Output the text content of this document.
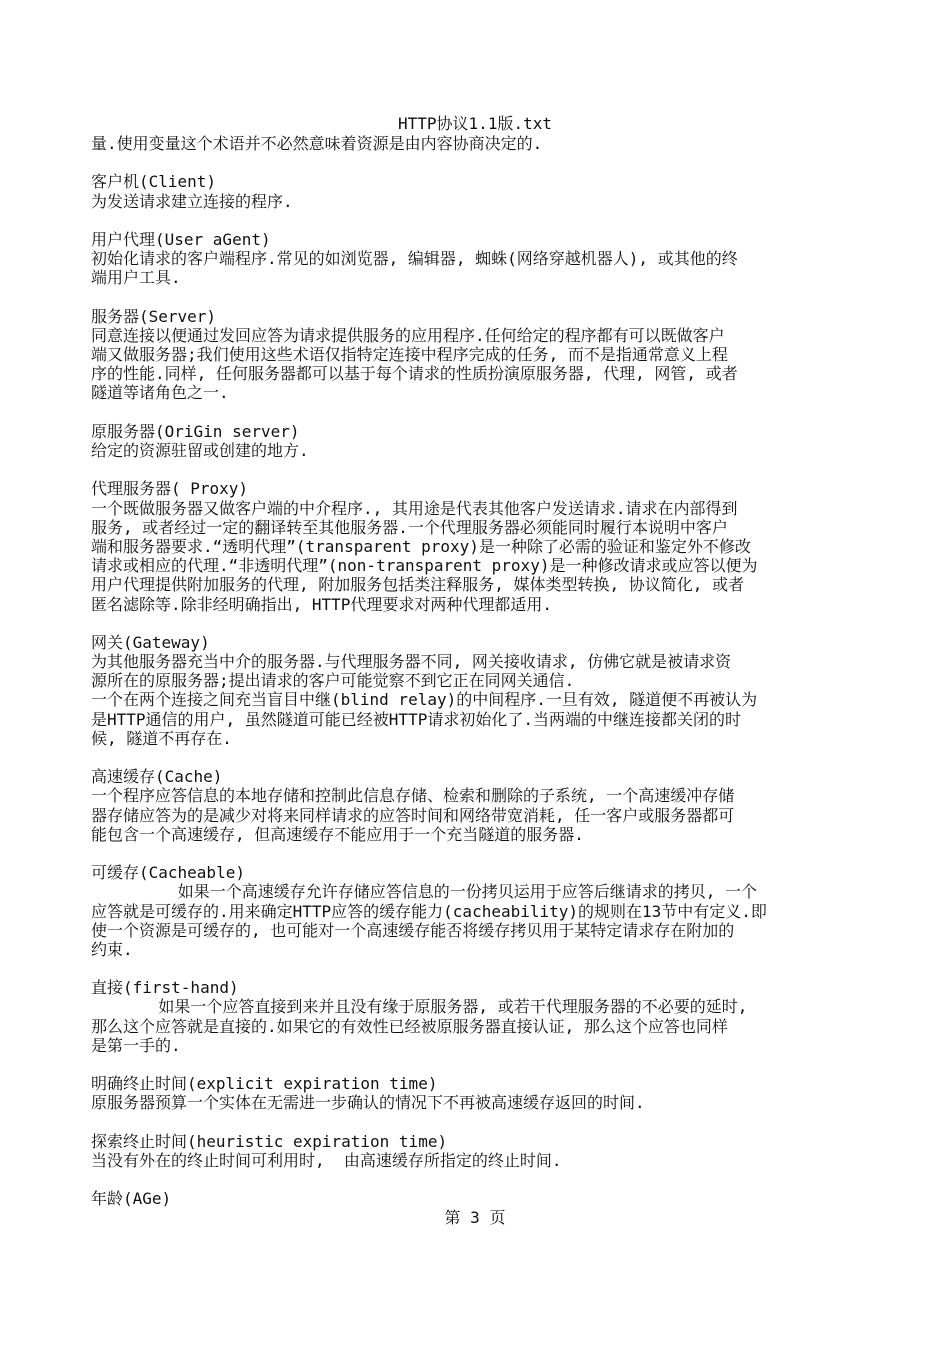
HTTP协议1.1版.txt
量.使用变量这个术语并不必然意味着资源是由内容协商决定的.
客户机(Client)
为发送请求建立连接的程序.
用户代理(User aGent)
初始化请求的客户端程序.常见的如浏览器, 编辑器, 蜘蛛(网络穿越机器人), 或其他的终
端用户工具.
服务器(Server)
同意连接以便通过发回应答为请求提供服务的应用程序.任何给定的程序都有可以既做客户
端又做服务器;我们使用这些术语仅指特定连接中程序完成的任务, 而不是指通常意义上程
序的性能.同样, 任何服务器都可以基于每个请求的性质扮演原服务器, 代理, 网管, 或者
隧道等诸角色之一.
原服务器(OriGin server)
给定的资源驻留或创建的地方.
代理服务器( Proxy)
一个既做服务器又做客户端的中介程序., 其用途是代表其他客户发送请求.请求在内部得到
服务, 或者经过一定的翻译转至其他服务器.一个代理服务器必须能同时履行本说明中客户
端和服务器要求.“透明代理”(transparent proxy)是一种除了必需的验证和鉴定外不修改
请求或相应的代理.“非透明代理”(non-transparent proxy)是一种修改请求或应答以便为
用户代理提供附加服务的代理, 附加服务包括类注释服务, 媒体类型转换, 协议简化, 或者
匿名滤除等.除非经明确指出, HTTP代理要求对两种代理都适用.
网关(Gateway)
为其他服务器充当中介的服务器.与代理服务器不同, 网关接收请求, 仿佛它就是被请求资
源所在的原服务器;提出请求的客户可能觉察不到它正在同网关通信.
一个在两个连接之间充当盲目中继(blind relay)的中间程序.一旦有效, 隧道便不再被认为
是HTTP通信的用户, 虽然隧道可能已经被HTTP请求初始化了.当两端的中继连接都关闭的时
候, 隧道不再存在.
高速缓存(Cache)
一个程序应答信息的本地存储和控制此信息存储、检索和删除的子系统, 一个高速缓冲存储
器存储应答为的是减少对将来同样请求的应答时间和网络带宽消耗, 任一客户或服务器都可
能包含一个高速缓存, 但高速缓存不能应用于一个充当隧道的服务器.
可缓存(Cacheable)
如果一个高速缓存允许存储应答信息的一份拷贝运用于应答后继请求的拷贝, 一个
应答就是可缓存的.用来确定HTTP应答的缓存能力(cacheability)的规则在13节中有定义.即
使一个资源是可缓存的, 也可能对一个高速缓存能否将缓存拷贝用于某特定请求存在附加的
约束.
直接(first-hand)
如果一个应答直接到来并且没有缘于原服务器, 或若干代理服务器的不必要的延时,
那么这个应答就是直接的.如果它的有效性已经被原服务器直接认证, 那么这个应答也同样
是第一手的.
明确终止时间(explicit expiration time)
原服务器预算一个实体在无需进一步确认的情况下不再被高速缓存返回的时间.
探索终止时间(heuristic expiration time)
当没有外在的终止时间可利用时,  由高速缓存所指定的终止时间.
年龄(AGe)
第 3 页
